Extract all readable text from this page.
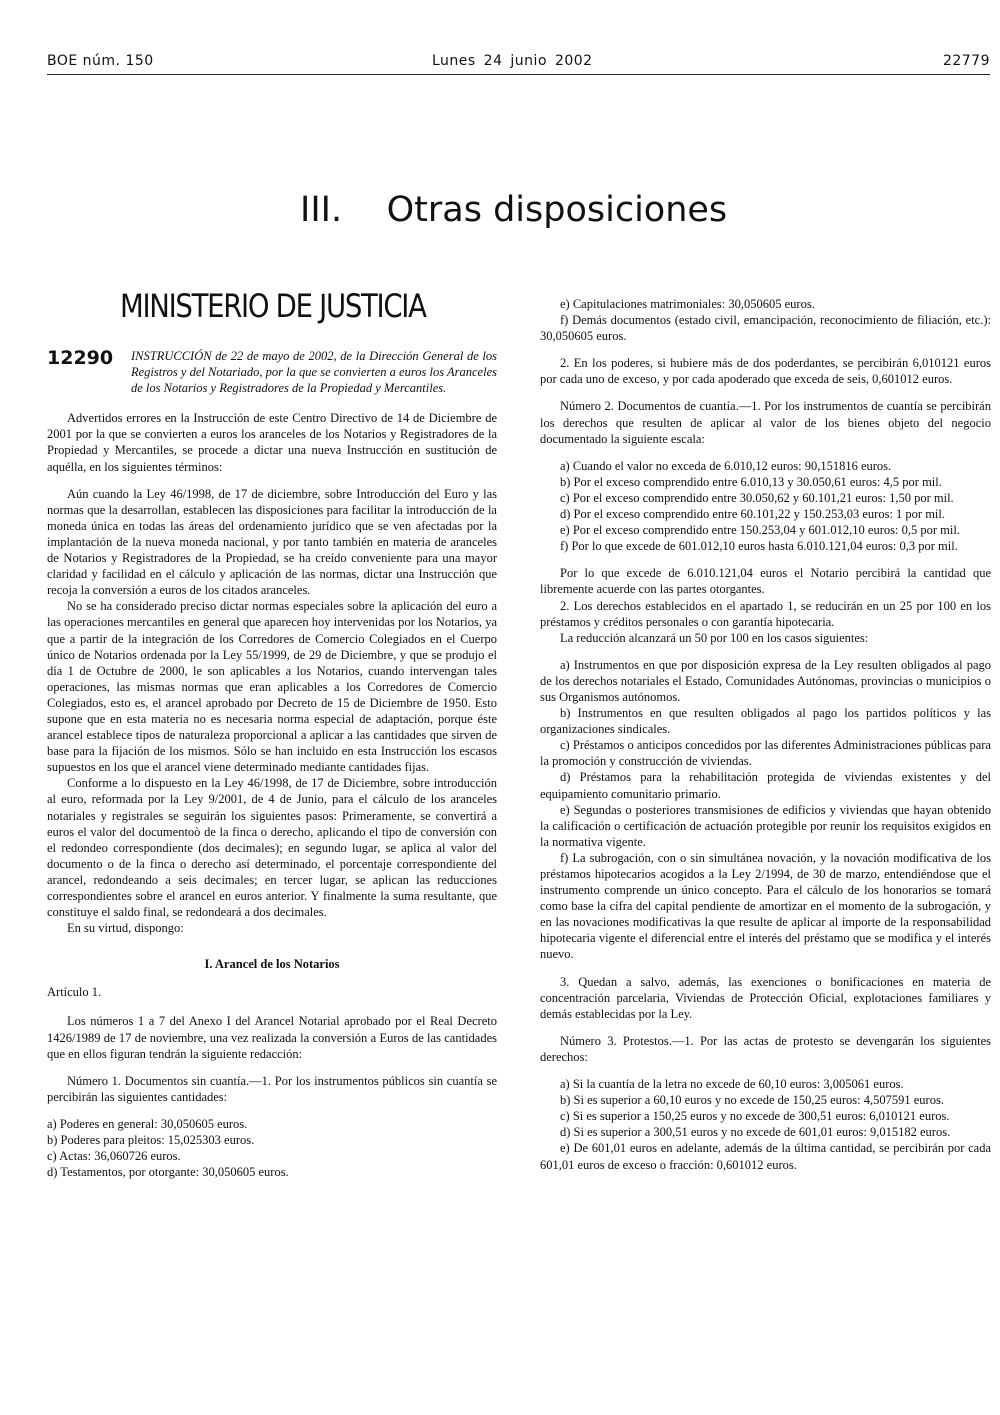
BOE núm. 150	Lunes 24 junio 2002	22779
III.    Otras disposiciones
MINISTERIO DE JUSTICIA
12290	INSTRUCCIÓN de 22 de mayo de 2002, de la Dirección General de los Registros y del Notariado, por la que se convierten a euros los Aranceles de los Notarios y Registradores de la Propiedad y Mercantiles.

Advertidos errores en la Instrucción de este Centro Directivo de 14 de Diciembre de 2001 por la que se convierten a euros los aranceles de los Notarios y Registradores de la Propiedad y Mercantiles, se procede a dictar una nueva Instrucción en sustitución de aquélla, en los siguientes términos:

Aún cuando la Ley 46/1998, de 17 de diciembre, sobre Introducción del Euro y las normas que la desarrollan, establecen las disposiciones para facilitar la introducción de la moneda única en todas las áreas del ordenamiento jurídico que se ven afectadas por la implantación de la nueva moneda nacional, y por tanto también en materia de aranceles de Notarios y Registradores de la Propiedad, se ha creído conveniente para una mayor claridad y facilidad en el cálculo y aplicación de las normas, dictar una Instrucción que recoja la conversión a euros de los citados aranceles.

No se ha considerado preciso dictar normas especiales sobre la aplicación del euro a las operaciones mercantiles en general que aparecen hoy intervenidas por los Notarios, ya que a partir de la integración de los Corredores de Comercio Colegiados en el Cuerpo único de Notarios ordenada por la Ley 55/1999, de 29 de Diciembre, y que se produjo el día 1 de Octubre de 2000, le son aplicables a los Notarios, cuando intervengan tales operaciones, las mismas normas que eran aplicables a los Corredores de Comercio Colegiados, esto es, el arancel aprobado por Decreto de 15 de Diciembre de 1950. Esto supone que en esta materia no es necesaria norma especial de adaptación, porque éste arancel establece tipos de naturaleza proporcional a aplicar a las cantidades que sirven de base para la fijación de los mismos. Sólo se han incluido en esta Instrucción los escasos supuestos en los que el arancel viene determinado mediante cantidades fijas.

Conforme a lo dispuesto en la Ley 46/1998, de 17 de Diciembre, sobre introducción al euro, reformada por la Ley 9/2001, de 4 de Junio, para el cálculo de los aranceles notariales y registrales se seguirán los siguientes pasos: Primeramente, se convertirá a euros el valor del documentoò de la finca o derecho, aplicando el tipo de conversión con el redondeo correspondiente (dos decimales); en segundo lugar, se aplica al valor del documento o de la finca o derecho así determinado, el porcentaje correspondiente del arancel, redondeando a seis decimales; en tercer lugar, se aplican las reducciones correspondientes sobre el arancel en euros anterior. Y finalmente la suma resultante, que constituye el saldo final, se redondeará a dos decimales.

En su virtud, dispongo:

I. Arancel de los Notarios

Artículo 1.

Los números 1 a 7 del Anexo I del Arancel Notarial aprobado por el Real Decreto 1426/1989 de 17 de noviembre, una vez realizada la conversión a Euros de las cantidades que en ellos figuran tendrán la siguiente redacción:

Número 1. Documentos sin cuantía.—1. Por los instrumentos públicos sin cuantía se percibirán las siguientes cantidades:

a) Poderes en general: 30,050605 euros.

b) Poderes para pleitos: 15,025303 euros.

c) Actas: 36,060726 euros.

d) Testamentos, por otorgante: 30,050605 euros.

e) Capitulaciones matrimoniales: 30,050605 euros.

f) Demás documentos (estado civil, emancipación, reconocimiento de filiación, etc.): 30,050605 euros.

2. En los poderes, si hubiere más de dos poderdantes, se percibirán 6,010121 euros por cada uno de exceso, y por cada apoderado que exceda de seis, 0,601012 euros.

Número 2. Documentos de cuantía.—1. Por los instrumentos de cuantía se percibirán los derechos que resulten de aplicar al valor de los bienes objeto del negocio documentado la siguiente escala:

a) Cuando el valor no exceda de 6.010,12 euros: 90,151816 euros.

b) Por el exceso comprendido entre 6.010,13 y 30.050,61 euros: 4,5 por mil.

c) Por el exceso comprendido entre 30.050,62 y 60.101,21 euros: 1,50 por mil.

d) Por el exceso comprendido entre 60.101,22 y 150.253,03 euros: 1 por mil.

e) Por el exceso comprendido entre 150.253,04 y 601.012,10 euros: 0,5 por mil.

f) Por lo que excede de 601.012,10 euros hasta 6.010.121,04 euros: 0,3 por mil.

Por lo que excede de 6.010.121,04 euros el Notario percibirá la cantidad que libremente acuerde con las partes otorgantes.

2. Los derechos establecidos en el apartado 1, se reducirán en un 25 por 100 en los préstamos y créditos personales o con garantía hipotecaria.

La reducción alcanzará un 50 por 100 en los casos siguientes:

a) Instrumentos en que por disposición expresa de la Ley resulten obligados al pago de los derechos notariales el Estado, Comunidades Autónomas, provincias o municipios o sus Organismos autónomos.

b) Instrumentos en que resulten obligados al pago los partidos políticos y las organizaciones sindicales.

c) Préstamos o anticipos concedidos por las diferentes Administraciones públicas para la promoción y construcción de viviendas.

d) Préstamos para la rehabilitación protegida de viviendas existentes y del equipamiento comunitario primario.

e) Segundas o posteriores transmisiones de edificios y viviendas que hayan obtenido la calificación o certificación de actuación protegible por reunir los requisitos exigidos en la normativa vigente.

f) La subrogación, con o sin simultánea novación, y la novación modificativa de los préstamos hipotecarios acogidos a la Ley 2/1994, de 30 de marzo, entendiéndose que el instrumento comprende un único concepto. Para el cálculo de los honorarios se tomará como base la cifra del capital pendiente de amortizar en el momento de la subrogación, y en las novaciones modificativas la que resulte de aplicar al importe de la responsabilidad hipotecaria vigente el diferencial entre el interés del préstamo que se modifica y el interés nuevo.

3. Quedan a salvo, además, las exenciones o bonificaciones en materia de concentración parcelaria, Viviendas de Protección Oficial, explotaciones familiares y demás establecidas por la Ley.

Número 3. Protestos.—1. Por las actas de protesto se devengarán los siguientes derechos:

a) Si la cuantía de la letra no excede de 60,10 euros: 3,005061 euros.

b) Si es superior a 60,10 euros y no excede de 150,25 euros: 4,507591 euros.

c) Si es superior a 150,25 euros y no excede de 300,51 euros: 6,010121 euros.

d) Si es superior a 300,51 euros y no excede de 601,01 euros: 9,015182 euros.

e) De 601,01 euros en adelante, además de la última cantidad, se percibirán por cada 601,01 euros de exceso o fracción: 0,601012 euros.
